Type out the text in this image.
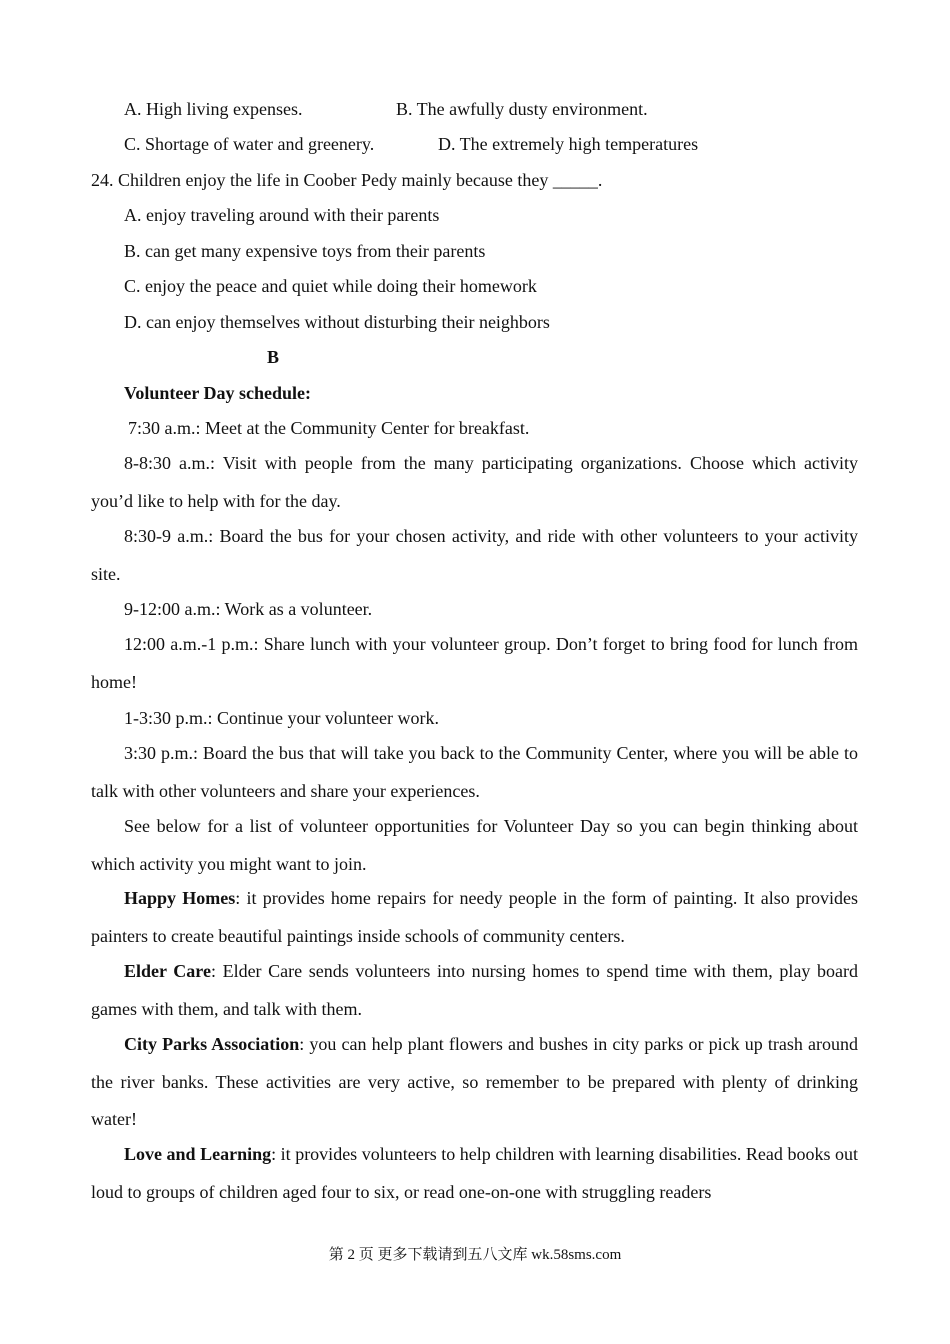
A. High living expenses.	B. The awfully dusty environment.
C. Shortage of water and greenery.	D. The extremely high temperatures
24. Children enjoy the life in Coober Pedy mainly because they _____.
A. enjoy traveling around with their parents
B. can get many expensive toys from their parents
C. enjoy the peace and quiet while doing their homework
D. can enjoy themselves without disturbing their neighbors
B
Volunteer Day schedule:
7:30 a.m.: Meet at the Community Center for breakfast.
8-8:30 a.m.: Visit with people from the many participating organizations. Choose which activity you’d like to help with for the day.
8:30-9 a.m.: Board the bus for your chosen activity, and ride with other volunteers to your activity site.
9-12:00 a.m.: Work as a volunteer.
12:00 a.m.-1 p.m.: Share lunch with your volunteer group. Don’t forget to bring food for lunch from home!
1-3:30 p.m.: Continue your volunteer work.
3:30 p.m.: Board the bus that will take you back to the Community Center, where you will be able to talk with other volunteers and share your experiences.
See below for a list of volunteer opportunities for Volunteer Day so you can begin thinking about which activity you might want to join.
Happy Homes: it provides home repairs for needy people in the form of painting. It also provides painters to create beautiful paintings inside schools of community centers.
Elder Care: Elder Care sends volunteers into nursing homes to spend time with them, play board games with them, and talk with them.
City Parks Association: you can help plant flowers and bushes in city parks or pick up trash around the river banks. These activities are very active, so remember to be prepared with plenty of drinking water!
Love and Learning: it provides volunteers to help children with learning disabilities. Read books out loud to groups of children aged four to six, or read one-on-one with struggling readers
第 2 页 更多下载请到五八文库 wk.58sms.com
